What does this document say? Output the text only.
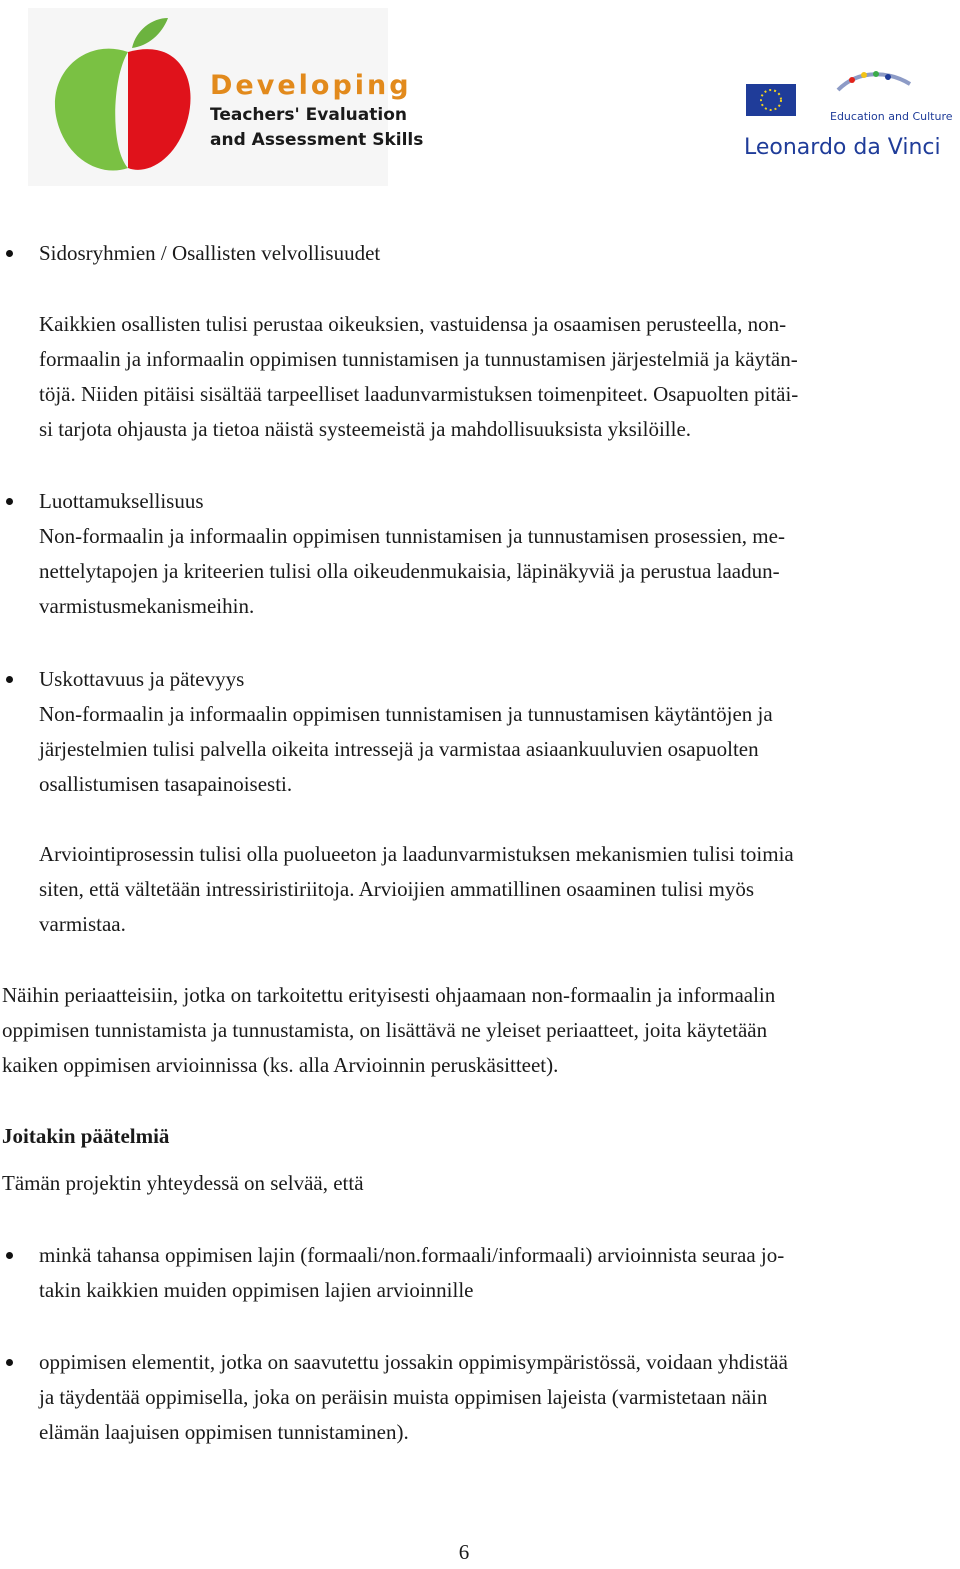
Developing
Teachers' Evaluation
and Assessment Skills
Education and Culture
Leonardo da Vinci

Sidosryhmien / Osallisten velvollisuudet

Kaikkien osallisten tulisi perustaa oikeuksien, vastuidensa ja osaamisen perusteella, non-

formaalin ja informaalin oppimisen tunnistamisen ja tunnustamisen järjestelmiä ja käytän-

töjä. Niiden pitäisi sisältää tarpeelliset laadunvarmistuksen toimenpiteet. Osapuolten pitäi-

si tarjota ohjausta ja tietoa näistä systeemeistä ja mahdollisuuksista yksilöille.

Luottamuksellisuus

Non-formaalin ja informaalin oppimisen tunnistamisen ja tunnustamisen prosessien, me-

nettelytapojen ja kriteerien tulisi olla oikeudenmukaisia, läpinäkyviä ja perustua laadun-

varmistusmekanismeihin.

Uskottavuus ja pätevyys

Non-formaalin ja informaalin oppimisen tunnistamisen ja tunnustamisen käytäntöjen ja

järjestelmien tulisi palvella oikeita intressejä ja varmistaa asiaankuuluvien osapuolten

osallistumisen tasapainoisesti.

Arviointiprosessin tulisi olla puolueeton ja laadunvarmistuksen mekanismien tulisi toimia

siten, että vältetään intressiristiriitoja. Arvioijien ammatillinen osaaminen tulisi myös

varmistaa.

Näihin periaatteisiin, jotka on tarkoitettu erityisesti ohjaamaan non-formaalin ja informaalin

oppimisen tunnistamista ja tunnustamista, on lisättävä ne yleiset periaatteet, joita käytetään

kaiken oppimisen arvioinnissa (ks. alla Arvioinnin peruskäsitteet).

Joitakin päätelmiä

Tämän projektin yhteydessä on selvää, että

minkä tahansa oppimisen lajin (formaali/non.formaali/informaali) arvioinnista seuraa jo-

takin kaikkien muiden oppimisen lajien arvioinnille

oppimisen elementit, jotka on saavutettu jossakin oppimisympäristössä, voidaan yhdistää

ja täydentää oppimisella, joka on peräisin muista oppimisen lajeista (varmistetaan näin

elämän laajuisen oppimisen tunnistaminen).

6
